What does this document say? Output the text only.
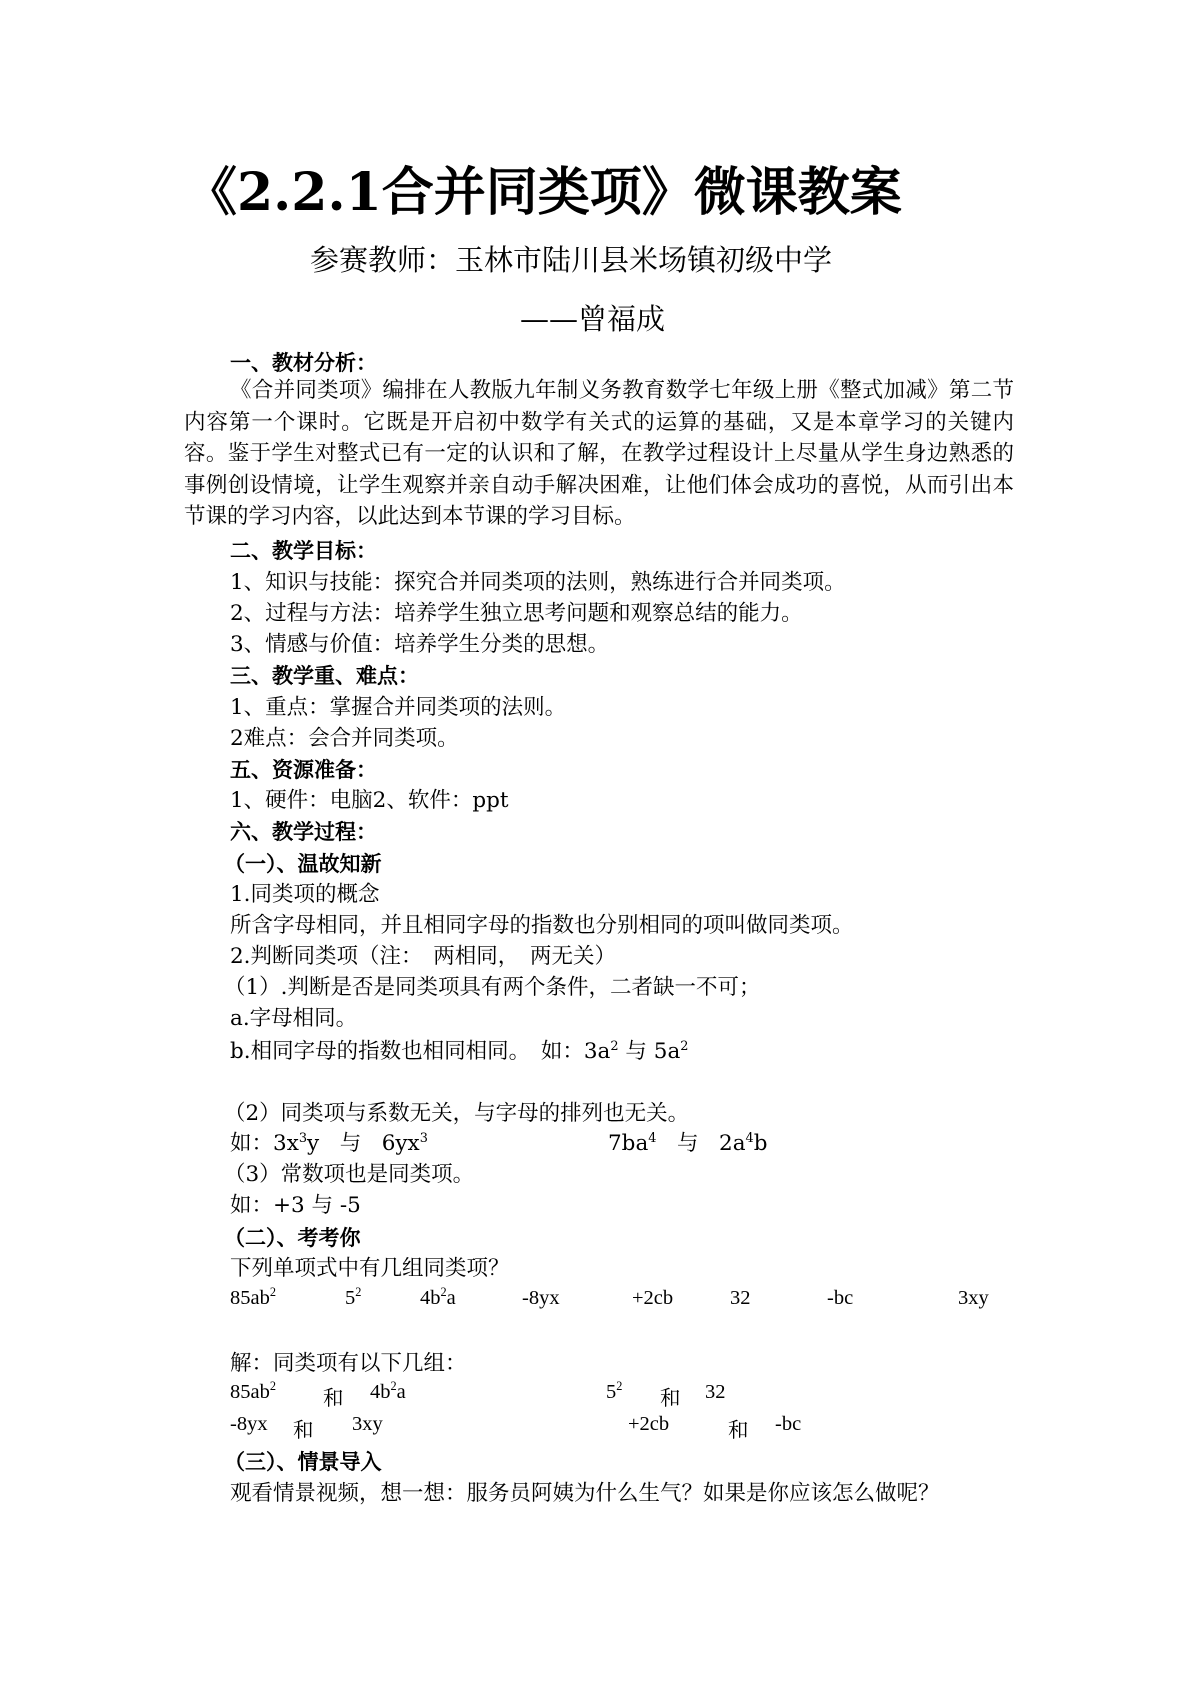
《2.2.1合并同类项》微课教案
参赛教师：玉林市陆川县米场镇初级中学
——曾福成
一、教材分析：
《合并同类项》编排在人教版九年制义务教育数学七年级上册《整式加减》第二节内容第一个课时。它既是开启初中数学有关式的运算的基础，又是本章学习的关键内容。鉴于学生对整式已有一定的认识和了解，在教学过程设计上尽量从学生身边熟悉的事例创设情境，让学生观察并亲自动手解决困难，让他们体会成功的喜悦，从而引出本节课的学习内容，以此达到本节课的学习目标。
二、教学目标：
1、知识与技能：探究合并同类项的法则，熟练进行合并同类项。
2、过程与方法：培养学生独立思考问题和观察总结的能力。
3、情感与价值：培养学生分类的思想。
三、教学重、难点：
1、重点：掌握合并同类项的法则。
2难点：会合并同类项。
五、资源准备：
1、硬件：电脑2、软件：ppt
六、教学过程：
（一）、温故知新
1.同类项的概念
所含字母相同，并且相同字母的指数也分别相同的项叫做同类项。
2.判断同类项（注：　两相同，　两无关）
（1）.判断是否是同类项具有两个条件，二者缺一不可；
a.字母相同。
b.相同字母的指数也相同相同。　如：$3a^2$ 与 $5a^2$
（2）同类项与系数无关，与字母的排列也无关。
如：$3x^3y$ 与 $6yx^3$	$7ba^4$ 与 $2a^4b$
（3）常数项也是同类项。
如：+3 与 -5
（二）、考考你
下列单项式中有几组同类项？
$85ab^2$	$5^2$	$4b^2a$	-8yx	+2cb	32	-bc	3xy
解：同类项有以下几组：
$85ab^2$
和 $4b^2a$	$5^2$
和 32
-8yx 和 3xy	+2cb	和 -bc
（三）、情景导入
观看情景视频，想一想：服务员阿姨为什么生气？如果是你应该怎么做呢？
